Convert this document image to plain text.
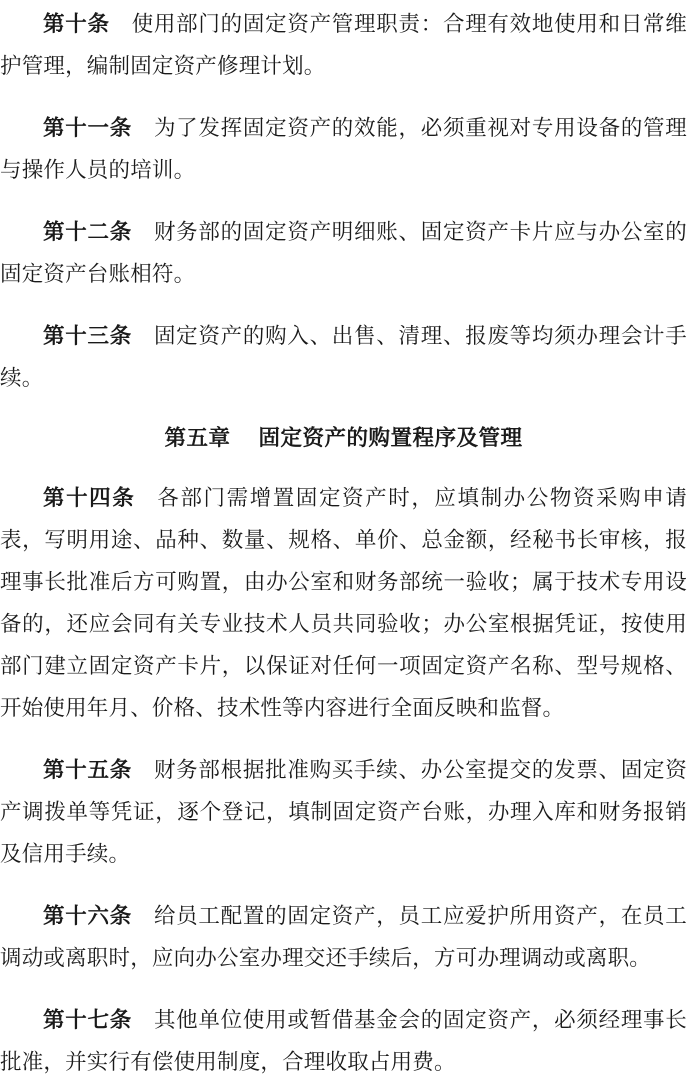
第十条 使用部门的固定资产管理职责：合理有效地使用和日常维护管理，编制固定资产修理计划。

第十一条 为了发挥固定资产的效能，必须重视对专用设备的管理与操作人员的培训。

第十二条 财务部的固定资产明细账、固定资产卡片应与办公室的固定资产台账相符。

第十三条 固定资产的购入、出售、清理、报废等均须办理会计手续。

第五章 固定资产的购置程序及管理

第十四条 各部门需增置固定资产时，应填制办公物资采购申请表，写明用途、品种、数量、规格、单价、总金额，经秘书长审核，报理事长批准后方可购置，由办公室和财务部统一验收；属于技术专用设备的，还应会同有关专业技术人员共同验收；办公室根据凭证，按使用部门建立固定资产卡片，以保证对任何一项固定资产名称、型号规格、开始使用年月、价格、技术性等内容进行全面反映和监督。

第十五条 财务部根据批准购买手续、办公室提交的发票、固定资产调拨单等凭证，逐个登记，填制固定资产台账，办理入库和财务报销及信用手续。

第十六条 给员工配置的固定资产，员工应爱护所用资产，在员工调动或离职时，应向办公室办理交还手续后，方可办理调动或离职。

第十七条 其他单位使用或暂借基金会的固定资产，必须经理事长批准，并实行有偿使用制度，合理收取占用费。
